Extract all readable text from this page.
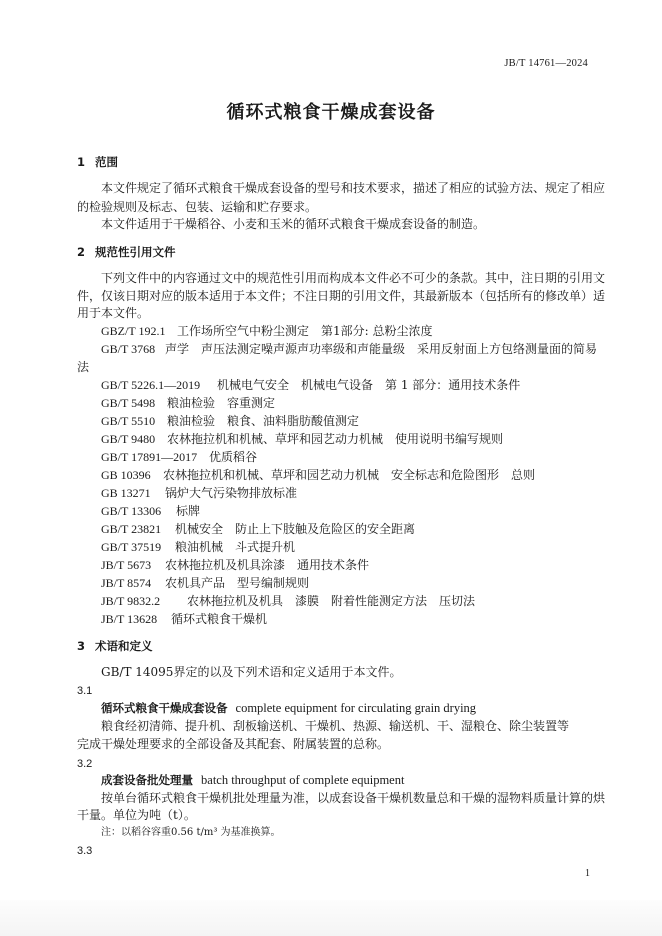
JB/T 14761—2024
循环式粮食干燥成套设备
1 范围
本文件规定了循环式粮食干燥成套设备的型号和技术要求，描述了相应的试验方法、规定了相应
的检验规则及标志、包装、运输和贮存要求。
本文件适用于干燥稻谷、小麦和玉米的循环式粮食干燥成套设备的制造。
2 规范性引用文件
下列文件中的内容通过文中的规范性引用而构成本文件必不可少的条款。其中，注日期的引用文
件，仅该日期对应的版本适用于本文件；不注日期的引用文件，其最新版本（包括所有的修改单）适
用于本文件。
GBZ/T 192.1 工作场所空气中粉尘测定　第1部分: 总粉尘浓度
GB/T 3768 声学　声压法测定噪声源声功率级和声能量级　采用反射面上方包络测量面的简易
法
GB/T 5226.1—2019 机械电气安全　机械电气设备　第 1 部分：通用技术条件
GB/T 5498 粮油检验　容重测定
GB/T 5510 粮油检验　粮食、油料脂肪酸值测定
GB/T 9480 农林拖拉机和机械、草坪和园艺动力机械　使用说明书编写规则
GB/T 17891—2017 优质稻谷
GB 10396 农林拖拉机和机械、草坪和园艺动力机械　安全标志和危险图形　总则
GB 13271 锅炉大气污染物排放标准
GB/T 13306 标牌
GB/T 23821 机械安全　防止上下肢触及危险区的安全距离
GB/T 37519 粮油机械　斗式提升机
JB/T 5673 农林拖拉机及机具涂漆　通用技术条件
JB/T 8574 农机具产品　型号编制规则
JB/T 9832.2 农林拖拉机及机具　漆膜　附着性能测定方法　压切法
JB/T 13628 循环式粮食干燥机
3 术语和定义
GB/T 14095界定的以及下列术语和定义适用于本文件。
3.1
循环式粮食干燥成套设备 complete equipment for circulating grain drying
粮食经初清筛、提升机、刮板输送机、干燥机、热源、输送机、干、湿粮仓、除尘装置等
完成干燥处理要求的全部设备及其配套、附属装置的总称。
3.2
成套设备批处理量 batch throughput of complete equipment
按单台循环式粮食干燥机批处理量为准，以成套设备干燥机数量总和干燥的湿物料质量计算的烘
干量。单位为吨（t）。
注：以稻谷容重0.56 t/m³ 为基准换算。
3.3
1
